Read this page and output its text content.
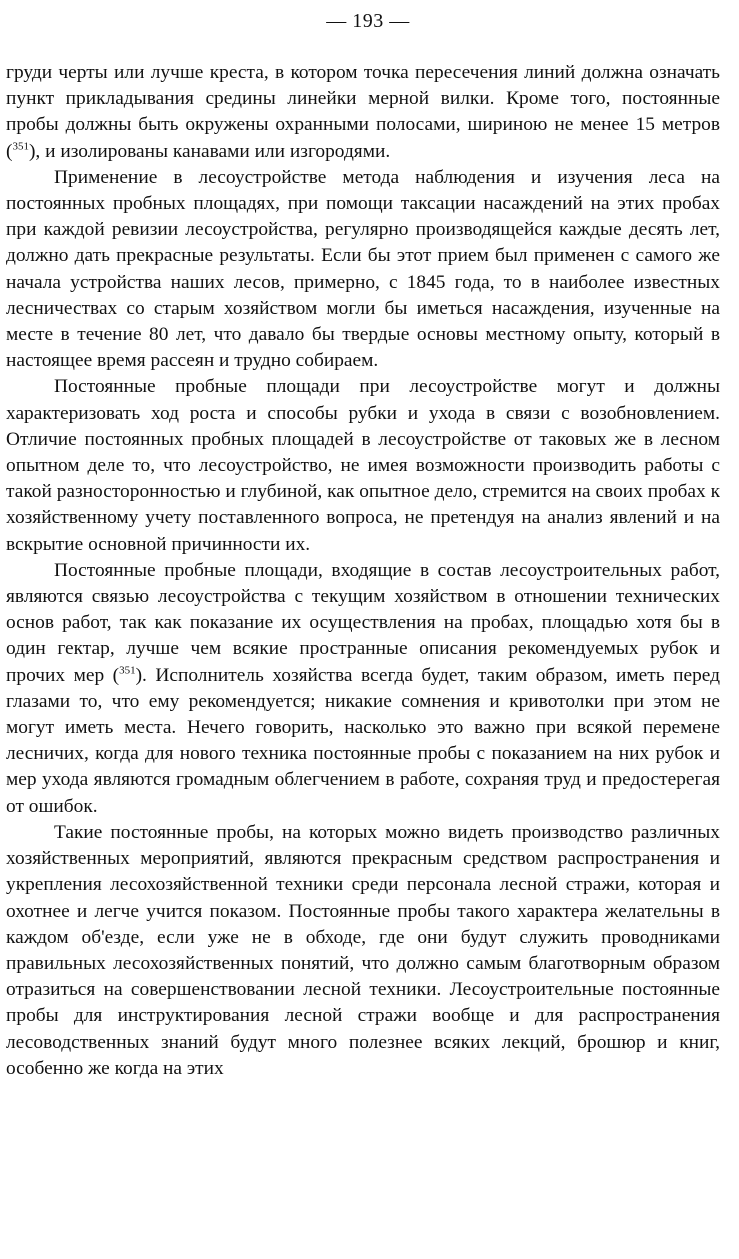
— 193 —

груди черты или лучше креста, в котором точка пересечения линий должна означать пункт прикладывания средины линейки мерной вилки. Кроме того, постоянные пробы должны быть окружены охранными полосами, шириною не менее 15 метров ($^{351}$), и изолированы канавами или изгородями.

Применение в лесоустройстве метода наблюдения и изучения леса на постоянных пробных площадях, при помощи таксации насаждений на этих пробах при каждой ревизии лесоустройства, регулярно производящейся каждые десять лет, должно дать прекрасные результаты. Если бы этот прием был применен с самого же начала устройства наших лесов, примерно, с 1845 года, то в наиболее известных лесничествах со старым хозяйством могли бы иметься насаждения, изученные на месте в течение 80 лет, что давало бы твердые основы местному опыту, который в настоящее время рассеян и трудно собираем.

Постоянные пробные площади при лесоустройстве могут и должны характеризовать ход роста и способы рубки и ухода в связи с возобновлением. Отличие постоянных пробных площадей в лесоустройстве от таковых же в лесном опытном деле то, что лесоустройство, не имея возможности производить работы с такой разносторонностью и глубиной, как опытное дело, стремится на своих пробах к хозяйственному учету поставленного вопроса, не претендуя на анализ явлений и на вскрытие основной причинности их.

Постоянные пробные площади, входящие в состав лесоустроительных работ, являются связью лесоустройства с текущим хозяйством в отношении технических основ работ, так как показание их осуществления на пробах, площадью хотя бы в один гектар, лучше чем всякие пространные описания рекомендуемых рубок и прочих мер ($^{351}$). Исполнитель хозяйства всегда будет, таким образом, иметь перед глазами то, что ему рекомендуется; никакие сомнения и кривотолки при этом не могут иметь места. Нечего говорить, насколько это важно при всякой перемене лесничих, когда для нового техника постоянные пробы с показанием на них рубок и мер ухода являются громадным облегчением в работе, сохраняя труд и предостерегая от ошибок.

Такие постоянные пробы, на которых можно видеть производство различных хозяйственных мероприятий, являются прекрасным средством распространения и укрепления лесохозяйственной техники среди персонала лесной стражи, которая и охотнее и легче учится показом. Постоянные пробы такого характера желательны в каждом об'езде, если уже не в обходе, где они будут служить проводниками правильных лесохозяйственных понятий, что должно самым благотворным образом отразиться на совершенствовании лесной техники. Лесоустроительные постоянные пробы для инструктирования лесной стражи вообще и для распространения лесоводственных знаний будут много полезнее всяких лекций, брошюр и книг, особенно же когда на этих
